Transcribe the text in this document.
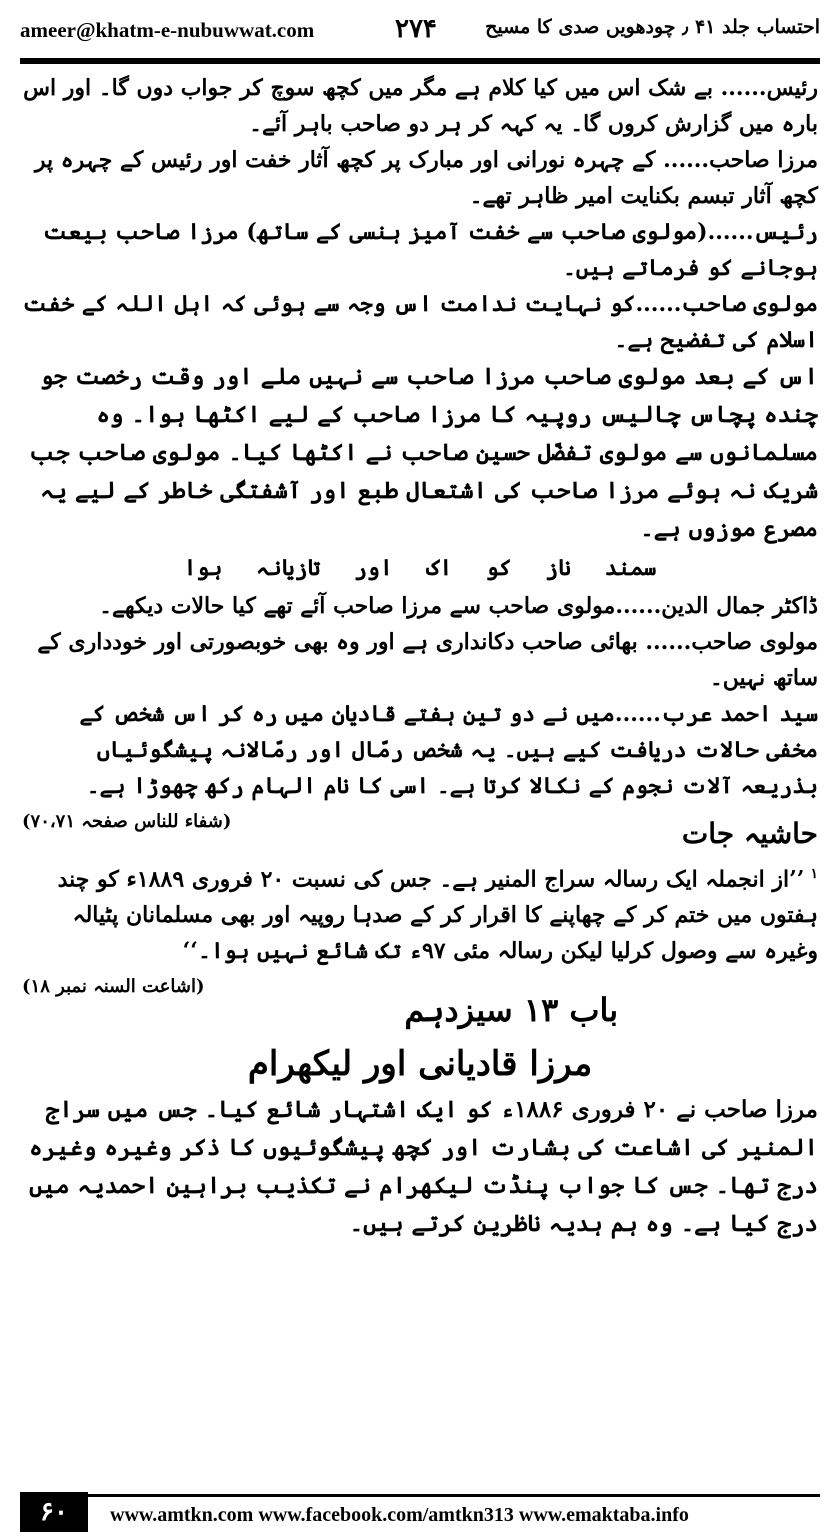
ameer@khatm-e-nubuwwat.com	۲۷۴	احتساب جلد ۴۱ ٫ چودھویں صدی کا مسیح

رئیس...... بے شک اس میں کیا کلام ہے مگر میں کچھ سوچ کر جواب دوں گا۔ اور اس بارہ میں گزارش کروں گا۔ یہ کہہ کر ہر دو صاحب باہر آئے۔

مرزا صاحب...... کے چہرہ نورانی اور مبارک پر کچھ آثار خفت اور رئیس کے چہرہ پر کچھ آثار تبسم بکنایت امیر ظاہر تھے۔

رئیس......(مولوی صاحب سے خفت آمیز ہنسی کے ساتھ) مرزا صاحب بیعت ہوجانے کو فرماتے ہیں۔

مولوی صاحب......کو نہایت ندامت اس وجہ سے ہوئی کہ اہل اللہ کے خفت اسلام کی تفضیح ہے۔

اس کے بعد مولوی صاحب مرزا صاحب سے نہیں ملے اور وقت رخصت جو چندہ پچاس چالیس روپیہ کا مرزا صاحب کے لیے اکٹھا ہوا۔ وہ مسلمانوں سے مولوی تفضّل حسین صاحب نے اکٹھا کیا۔ مولوی صاحب جب شریک نہ ہوئے مرزا صاحب کی اشتعال طبع اور آشفتگی خاطر کے لیے یہ مصرع موزوں ہے۔

سمند ناز کو اک اور تازیانہ ہوا

ڈاکٹر جمال الدین......مولوی صاحب سے مرزا صاحب آئے تھے کیا حالات دیکھے۔

مولوی صاحب...... بھائی صاحب دکانداری ہے اور وہ بھی خوبصورتی اور خودداری کے ساتھ نہیں۔

سید احمد عرب......میں نے دو تین ہفتے قادیان میں رہ کر اس شخص کے مخفی حالات دریافت کیے ہیں۔ یہ شخص رمّال اور رمّالانہ پیشگوئیاں بذریعہ آلات نجوم کے نکالا کرتا ہے۔ اسی کا نام الہام رکھ چھوڑا ہے۔
(شفاء للناس صفحہ ۷۰،۷۱)	حاشیہ جات

$^۱$’’از انجملہ ایک رسالہ سراج المنیر ہے۔ جس کی نسبت ۲۰ فروری ۱۸۸۹ء کو چند ہفتوں میں ختم کر کے چھاپنے کا اقرار کر کے صدہا روپیہ اور بھی مسلمانان پٹیالہ وغیرہ سے وصول کرلیا لیکن رسالہ مئی ۹۷ء تک شائع نہیں ہوا۔‘‘
(اشاعت السنہ نمبر ۱۸)

باب ۱۳ سیزدہم
مرزا قادیانی اور لیکھرام

مرزا صاحب نے ۲۰ فروری ۱۸۸۶ء کو ایک اشتہار شائع کیا۔ جس میں سراج المنیر کی اشاعت کی بشارت اور کچھ پیشگوئیوں کا ذکر وغیرہ وغیرہ درج تھا۔ جس کا جواب پنڈت لیکھرام نے تکذیب براہین احمدیہ میں درج کیا ہے۔ وہ ہم ہدیہ ناظرین کرتے ہیں۔

۶۰	www.amtkn.com www.facebook.com/amtkn313 www.emaktaba.info
